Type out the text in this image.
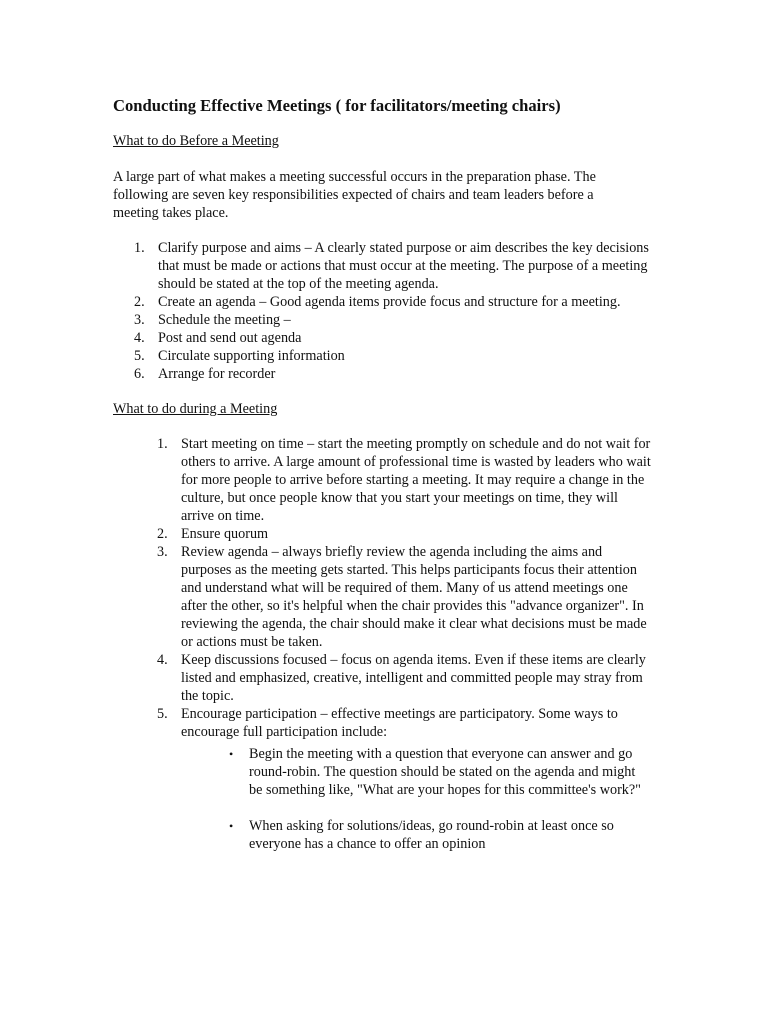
Conducting Effective Meetings ( for facilitators/meeting chairs)

What to do Before a Meeting

A large part of what makes a meeting successful occurs in the preparation phase. The following are seven key responsibilities expected of chairs and team leaders before a meeting takes place.

1. Clarify purpose and aims – A clearly stated purpose or aim describes the key decisions that must be made or actions that must occur at the meeting. The purpose of a meeting should be stated at the top of the meeting agenda.
2. Create an agenda – Good agenda items provide focus and structure for a meeting.
3. Schedule the meeting –
4. Post and send out agenda
5. Circulate supporting information
6. Arrange for recorder

What to do during a Meeting

1. Start meeting on time – start the meeting promptly on schedule and do not wait for others to arrive. A large amount of professional time is wasted by leaders who wait for more people to arrive before starting a meeting. It may require a change in the culture, but once people know that you start your meetings on time, they will arrive on time.
2. Ensure quorum
3. Review agenda – always briefly review the agenda including the aims and purposes as the meeting gets started. This helps participants focus their attention and understand what will be required of them. Many of us attend meetings one after the other, so it's helpful when the chair provides this "advance organizer". In reviewing the agenda, the chair should make it clear what decisions must be made or actions must be taken.
4. Keep discussions focused – focus on agenda items. Even if these items are clearly listed and emphasized, creative, intelligent and committed people may stray from the topic.
5. Encourage participation – effective meetings are participatory. Some ways to encourage full participation include:
• Begin the meeting with a question that everyone can answer and go round-robin. The question should be stated on the agenda and might be something like, "What are your hopes for this committee's work?"
• When asking for solutions/ideas, go round-robin at least once so everyone has a chance to offer an opinion
